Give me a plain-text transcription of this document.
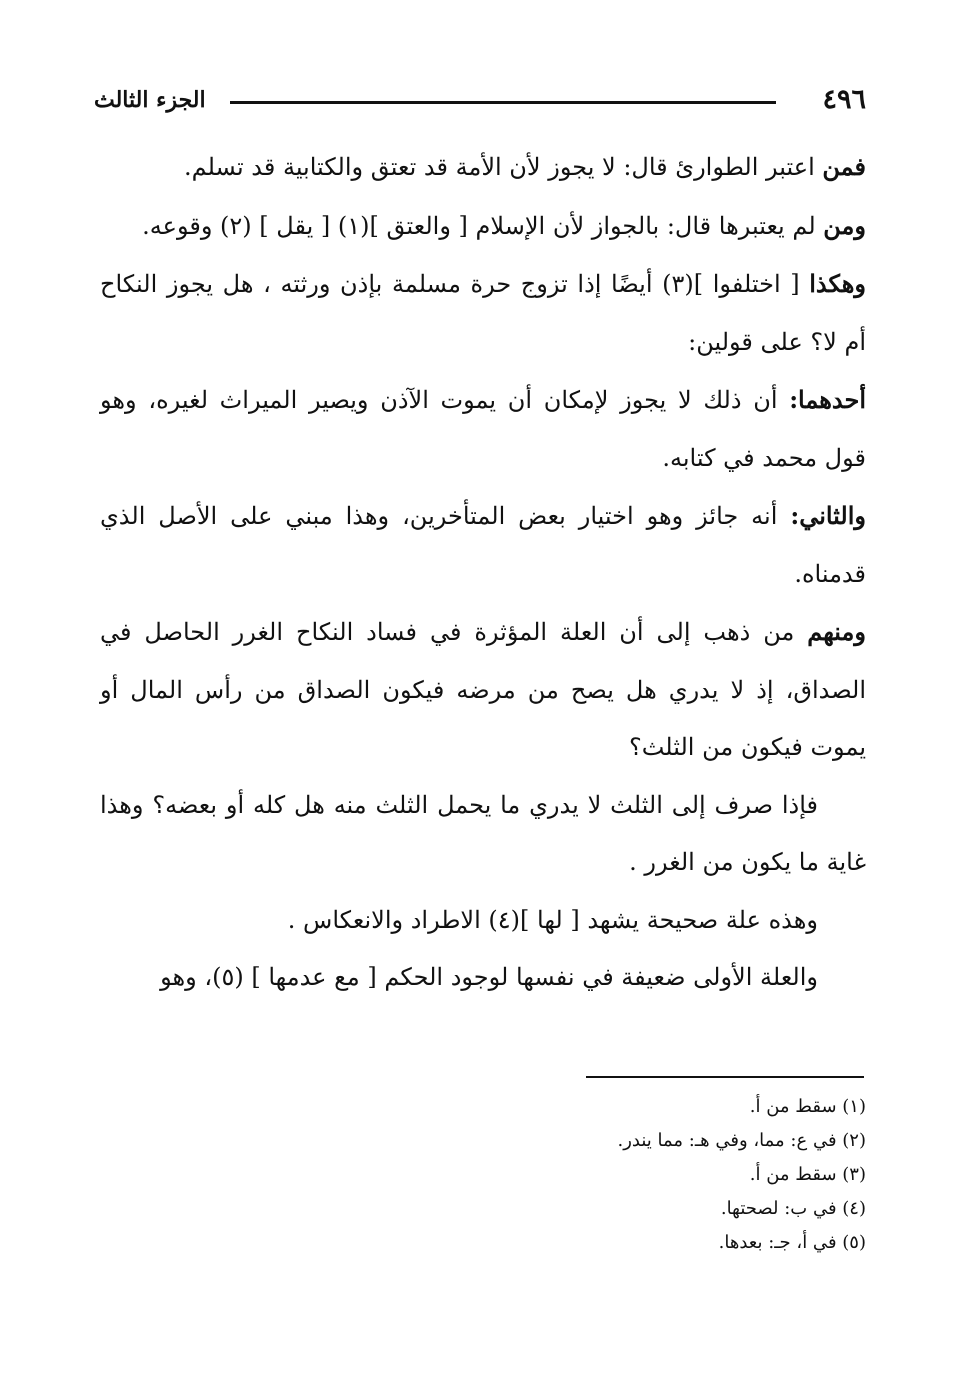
٤٩٦
الجزء الثالث

فمن اعتبر الطوارئ قال: لا يجوز لأن الأمة قد تعتق والكتابية قد تسلم.

ومن لم يعتبرها قال: بالجواز لأن الإسلام [ والعتق ](١) [ يقل ] (٢) وقوعه.

وهكذا [ اختلفوا ](٣) أيضًا إذا تزوج حرة مسلمة بإذن ورثته ، هل يجوز النكاح أم لا؟ على قولين:

أحدهما: أن ذلك لا يجوز لإمكان أن يموت الآذن ويصير الميراث لغيره، وهو قول محمد في كتابه.

والثاني: أنه جائز وهو اختيار بعض المتأخرين، وهذا مبني على الأصل الذي قدمناه.

ومنهم من ذهب إلى أن العلة المؤثرة في فساد النكاح الغرر الحاصل في الصداق، إذ لا يدري هل يصح من مرضه فيكون الصداق من رأس المال أو يموت فيكون من الثلث؟

فإذا صرف إلى الثلث لا يدري ما يحمل الثلث منه هل كله أو بعضه؟ وهذا غاية ما يكون من الغرر .

وهذه علة صحيحة يشهد [ لها ](٤) الاطراد والانعكاس .

والعلة الأولى ضعيفة في نفسها لوجود الحكم [ مع عدمها ] (٥)، وهو

(١) سقط من أ.

(٢) في ع: مما، وفي هـ: مما يندر.

(٣) سقط من أ.

(٤) في ب: لصحتها.

(٥) في أ، جـ: بعدها.
